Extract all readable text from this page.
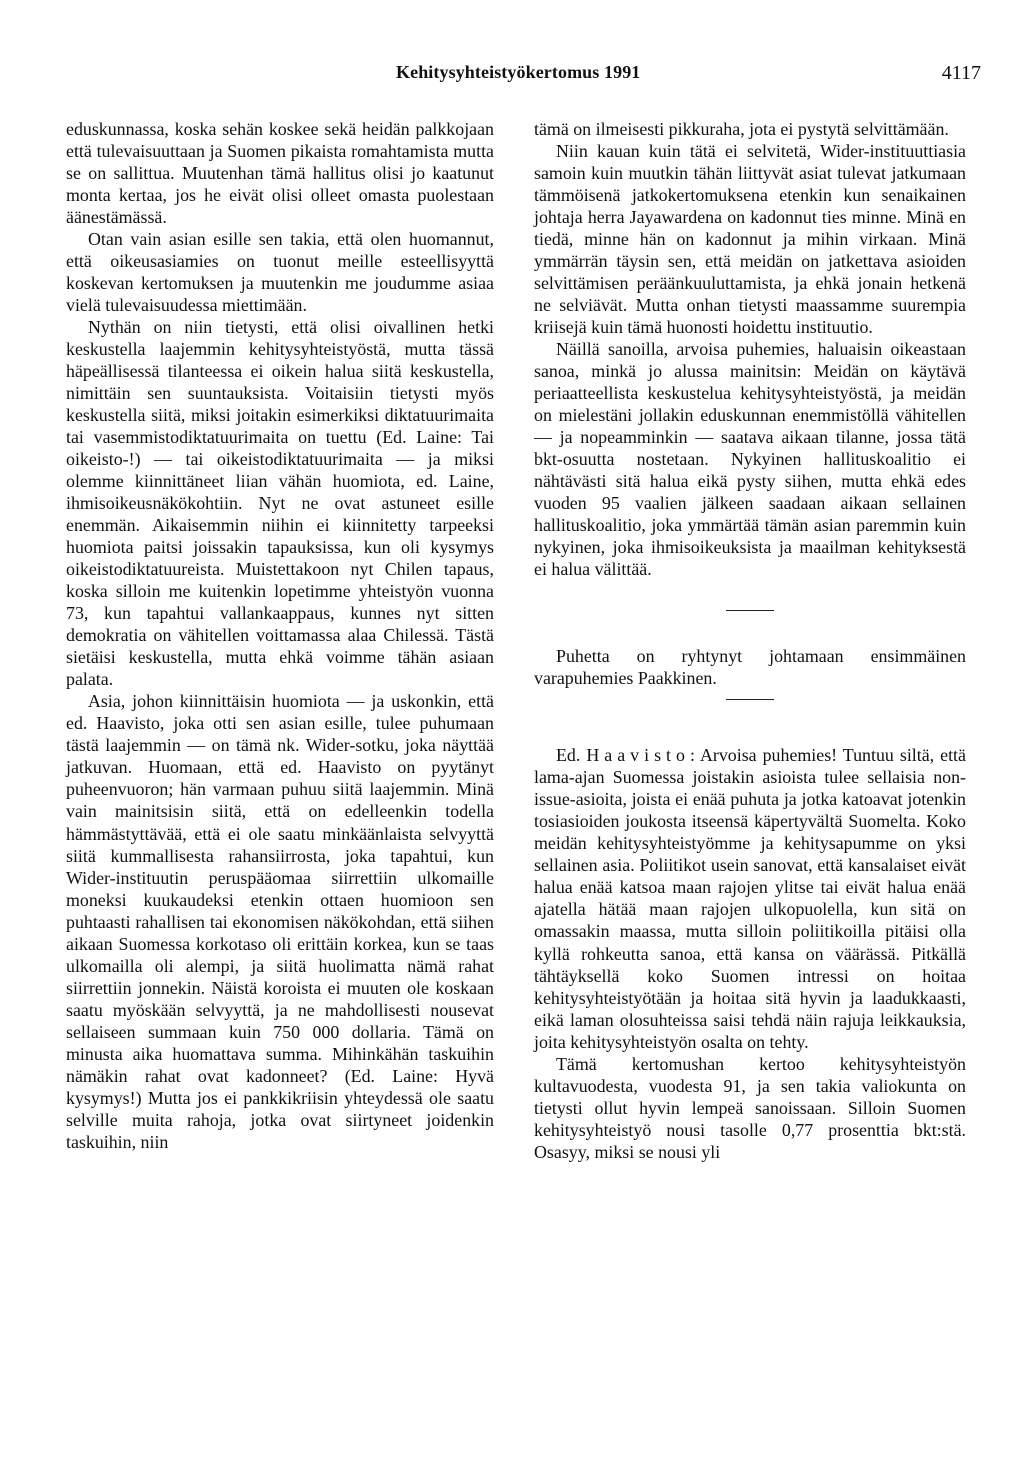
Kehitysyhteistyökertomus 1991	4117

eduskunnassa, koska sehän koskee sekä heidän palkkojaan että tulevaisuuttaan ja Suomen pikaista romahtamista mutta se on sallittua. Muutenhan tämä hallitus olisi jo kaatunut monta kertaa, jos he eivät olisi olleet omasta puolestaan äänestämässä.

Otan vain asian esille sen takia, että olen huomannut, että oikeusasiamies on tuonut meille esteellisyyttä koskevan kertomuksen ja muutenkin me joudumme asiaa vielä tulevaisuudessa miettimään.

Nythän on niin tietysti, että olisi oivallinen hetki keskustella laajemmin kehitysyhteistyöstä, mutta tässä häpeällisessä tilanteessa ei oikein halua siitä keskustella, nimittäin sen suuntauksista. Voitaisiin tietysti myös keskustella siitä, miksi joitakin esimerkiksi diktatuurimaita tai vasemmistodiktatuurimaita on tuettu (Ed. Laine: Tai oikeisto-!) — tai oikeistodiktatuurimaita — ja miksi olemme kiinnittäneet liian vähän huomiota, ed. Laine, ihmisoikeusnäkökohtiin. Nyt ne ovat astuneet esille enemmän. Aikaisemmin niihin ei kiinnitetty tarpeeksi huomiota paitsi joissakin tapauksissa, kun oli kysymys oikeistodiktatuureista. Muistettakoon nyt Chilen tapaus, koska silloin me kuitenkin lopetimme yhteistyön vuonna 73, kun tapahtui vallankaappaus, kunnes nyt sitten demokratia on vähitellen voittamassa alaa Chilessä. Tästä sietäisi keskustella, mutta ehkä voimme tähän asiaan palata.

Asia, johon kiinnittäisin huomiota — ja uskonkin, että ed. Haavisto, joka otti sen asian esille, tulee puhumaan tästä laajemmin — on tämä nk. Wider-sotku, joka näyttää jatkuvan. Huomaan, että ed. Haavisto on pyytänyt puheenvuoron; hän varmaan puhuu siitä laajemmin. Minä vain mainitsisin siitä, että on edelleenkin todella hämmästyttävää, että ei ole saatu minkäänlaista selvyyttä siitä kummallisesta rahansiirrosta, joka tapahtui, kun Wider-instituutin peruspääomaa siirrettiin ulkomaille moneksi kuukaudeksi etenkin ottaen huomioon sen puhtaasti rahallisen tai ekonomisen näkökohdan, että siihen aikaan Suomessa korkotaso oli erittäin korkea, kun se taas ulkomailla oli alempi, ja siitä huolimatta nämä rahat siirrettiin jonnekin. Näistä koroista ei muuten ole koskaan saatu myöskään selvyyttä, ja ne mahdollisesti nousevat sellaiseen summaan kuin 750 000 dollaria. Tämä on minusta aika huomattava summa. Mihinkähän taskuihin nämäkin rahat ovat kadonneet? (Ed. Laine: Hyvä kysymys!) Mutta jos ei pankkikriisin yhteydessä ole saatu selville muita rahoja, jotka ovat siirtyneet joidenkin taskuihin, niin

tämä on ilmeisesti pikkuraha, jota ei pystytä selvittämään.

Niin kauan kuin tätä ei selvitetä, Wider-instituuttiasia samoin kuin muutkin tähän liittyvät asiat tulevat jatkumaan tämmöisenä jatkokertomuksena etenkin kun senaikainen johtaja herra Jayawardena on kadonnut ties minne. Minä en tiedä, minne hän on kadonnut ja mihin virkaan. Minä ymmärrän täysin sen, että meidän on jatkettava asioiden selvittämisen peräänkuuluttamista, ja ehkä jonain hetkenä ne selviävät. Mutta onhan tietysti maassamme suurempia kriisejä kuin tämä huonosti hoidettu instituutio.

Näillä sanoilla, arvoisa puhemies, haluaisin oikeastaan sanoa, minkä jo alussa mainitsin: Meidän on käytävä periaatteellista keskustelua kehitysyhteistyöstä, ja meidän on mielestäni jollakin eduskunnan enemmistöllä vähitellen — ja nopeamminkin — saatava aikaan tilanne, jossa tätä bkt-osuutta nostetaan. Nykyinen hallituskoalitio ei nähtävästi sitä halua eikä pysty siihen, mutta ehkä edes vuoden 95 vaalien jälkeen saadaan aikaan sellainen hallituskoalitio, joka ymmärtää tämän asian paremmin kuin nykyinen, joka ihmisoikeuksista ja maailman kehityksestä ei halua välittää.

Puhetta on ryhtynyt johtamaan ensimmäinen varapuhemies Paakkinen.

Ed. Haavisto: Arvoisa puhemies! Tuntuu siltä, että lama-ajan Suomessa joistakin asioista tulee sellaisia non-issue-asioita, joista ei enää puhuta ja jotka katoavat jotenkin tosiasioiden joukosta itseensä käpertyvältä Suomelta. Koko meidän kehitysyhteistyömme ja kehitysapumme on yksi sellainen asia. Poliitikot usein sanovat, että kansalaiset eivät halua enää katsoa maan rajojen ylitse tai eivät halua enää ajatella hätää maan rajojen ulkopuolella, kun sitä on omassakin maassa, mutta silloin poliitikoilla pitäisi olla kyllä rohkeutta sanoa, että kansa on väärässä. Pitkällä tähtäyksellä koko Suomen intressi on hoitaa kehitysyhteistyötään ja hoitaa sitä hyvin ja laadukkaasti, eikä laman olosuhteissa saisi tehdä näin rajuja leikkauksia, joita kehitysyhteistyön osalta on tehty.

Tämä kertomushan kertoo kehitysyhteistyön kultavuodesta, vuodesta 91, ja sen takia valiokunta on tietysti ollut hyvin lempeä sanoissaan. Silloin Suomen kehitysyhteistyö nousi tasolle 0,77 prosenttia bkt:stä. Osasyy, miksi se nousi yli
